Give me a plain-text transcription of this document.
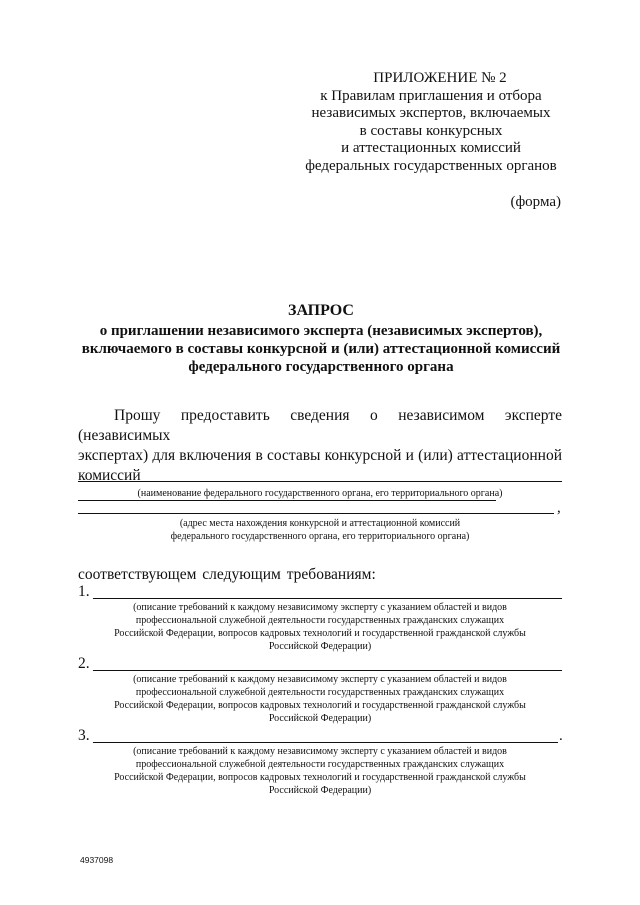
ПРИЛОЖЕНИЕ № 2
к Правилам приглашения и отбора
независимых экспертов, включаемых
в составы конкурсных
и аттестационных комиссий
федеральных государственных органов
(форма)
ЗАПРОС
о приглашении независимого эксперта (независимых экспертов),
включаемого в составы конкурсной и (или) аттестационной комиссий
федерального государственного органа
Прошу предоставить сведения о независимом эксперте (независимых
экспертах) для включения в составы конкурсной и (или) аттестационной
комиссий
(наименование федерального государственного органа, его территориального органа)
,
(адрес места нахождения конкурсной и аттестационной комиссий
федерального государственного органа, его территориального органа)
соответствующем следующим требованиям:
1.
(описание требований к каждому независимому эксперту с указанием областей и видов
профессиональной служебной деятельности государственных гражданских служащих
Российской Федерации, вопросов кадровых технологий и государственной гражданской службы
Российской Федерации)
2.
(описание требований к каждому независимому эксперту с указанием областей и видов
профессиональной служебной деятельности государственных гражданских служащих
Российской Федерации, вопросов кадровых технологий и государственной гражданской службы
Российской Федерации)
3.	.
(описание требований к каждому независимому эксперту с указанием областей и видов
профессиональной служебной деятельности государственных гражданских служащих
Российской Федерации, вопросов кадровых технологий и государственной гражданской службы
Российской Федерации)
4937098
